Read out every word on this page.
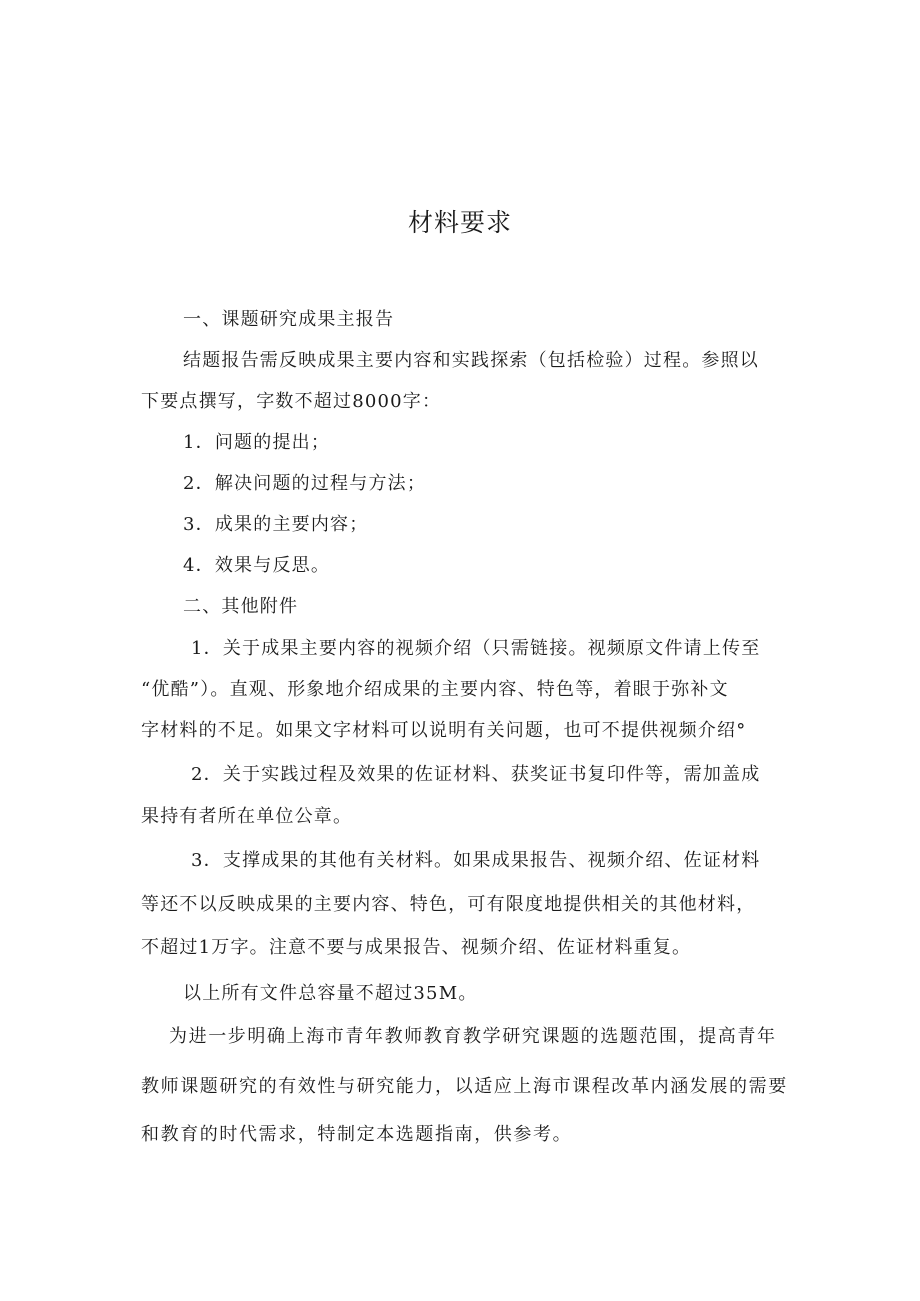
材料要求
一、课题研究成果主报告
结题报告需反映成果主要内容和实践探索（包括检验）过程。参照以
下要点撰写，字数不超过8000字：
1．问题的提出；
2．解决问题的过程与方法；
3．成果的主要内容；
4．效果与反思。
二、其他附件
1．关于成果主要内容的视频介绍（只需链接。视频原文件请上传至
“优酷”）。直观、形象地介绍成果的主要内容、特色等，着眼于弥补文
字材料的不足。如果文字材料可以说明有关问题，也可不提供视频介绍°
2．关于实践过程及效果的佐证材料、获奖证书复印件等，需加盖成
果持有者所在单位公章。
3．支撑成果的其他有关材料。如果成果报告、视频介绍、佐证材料
等还不以反映成果的主要内容、特色，可有限度地提供相关的其他材料，
不超过1万字。注意不要与成果报告、视频介绍、佐证材料重复。
以上所有文件总容量不超过35M。
为进一步明确上海市青年教师教育教学研究课题的选题范围，提高青年
教师课题研究的有效性与研究能力，以适应上海市课程改革内涵发展的需要
和教育的时代需求，特制定本选题指南，供参考。
